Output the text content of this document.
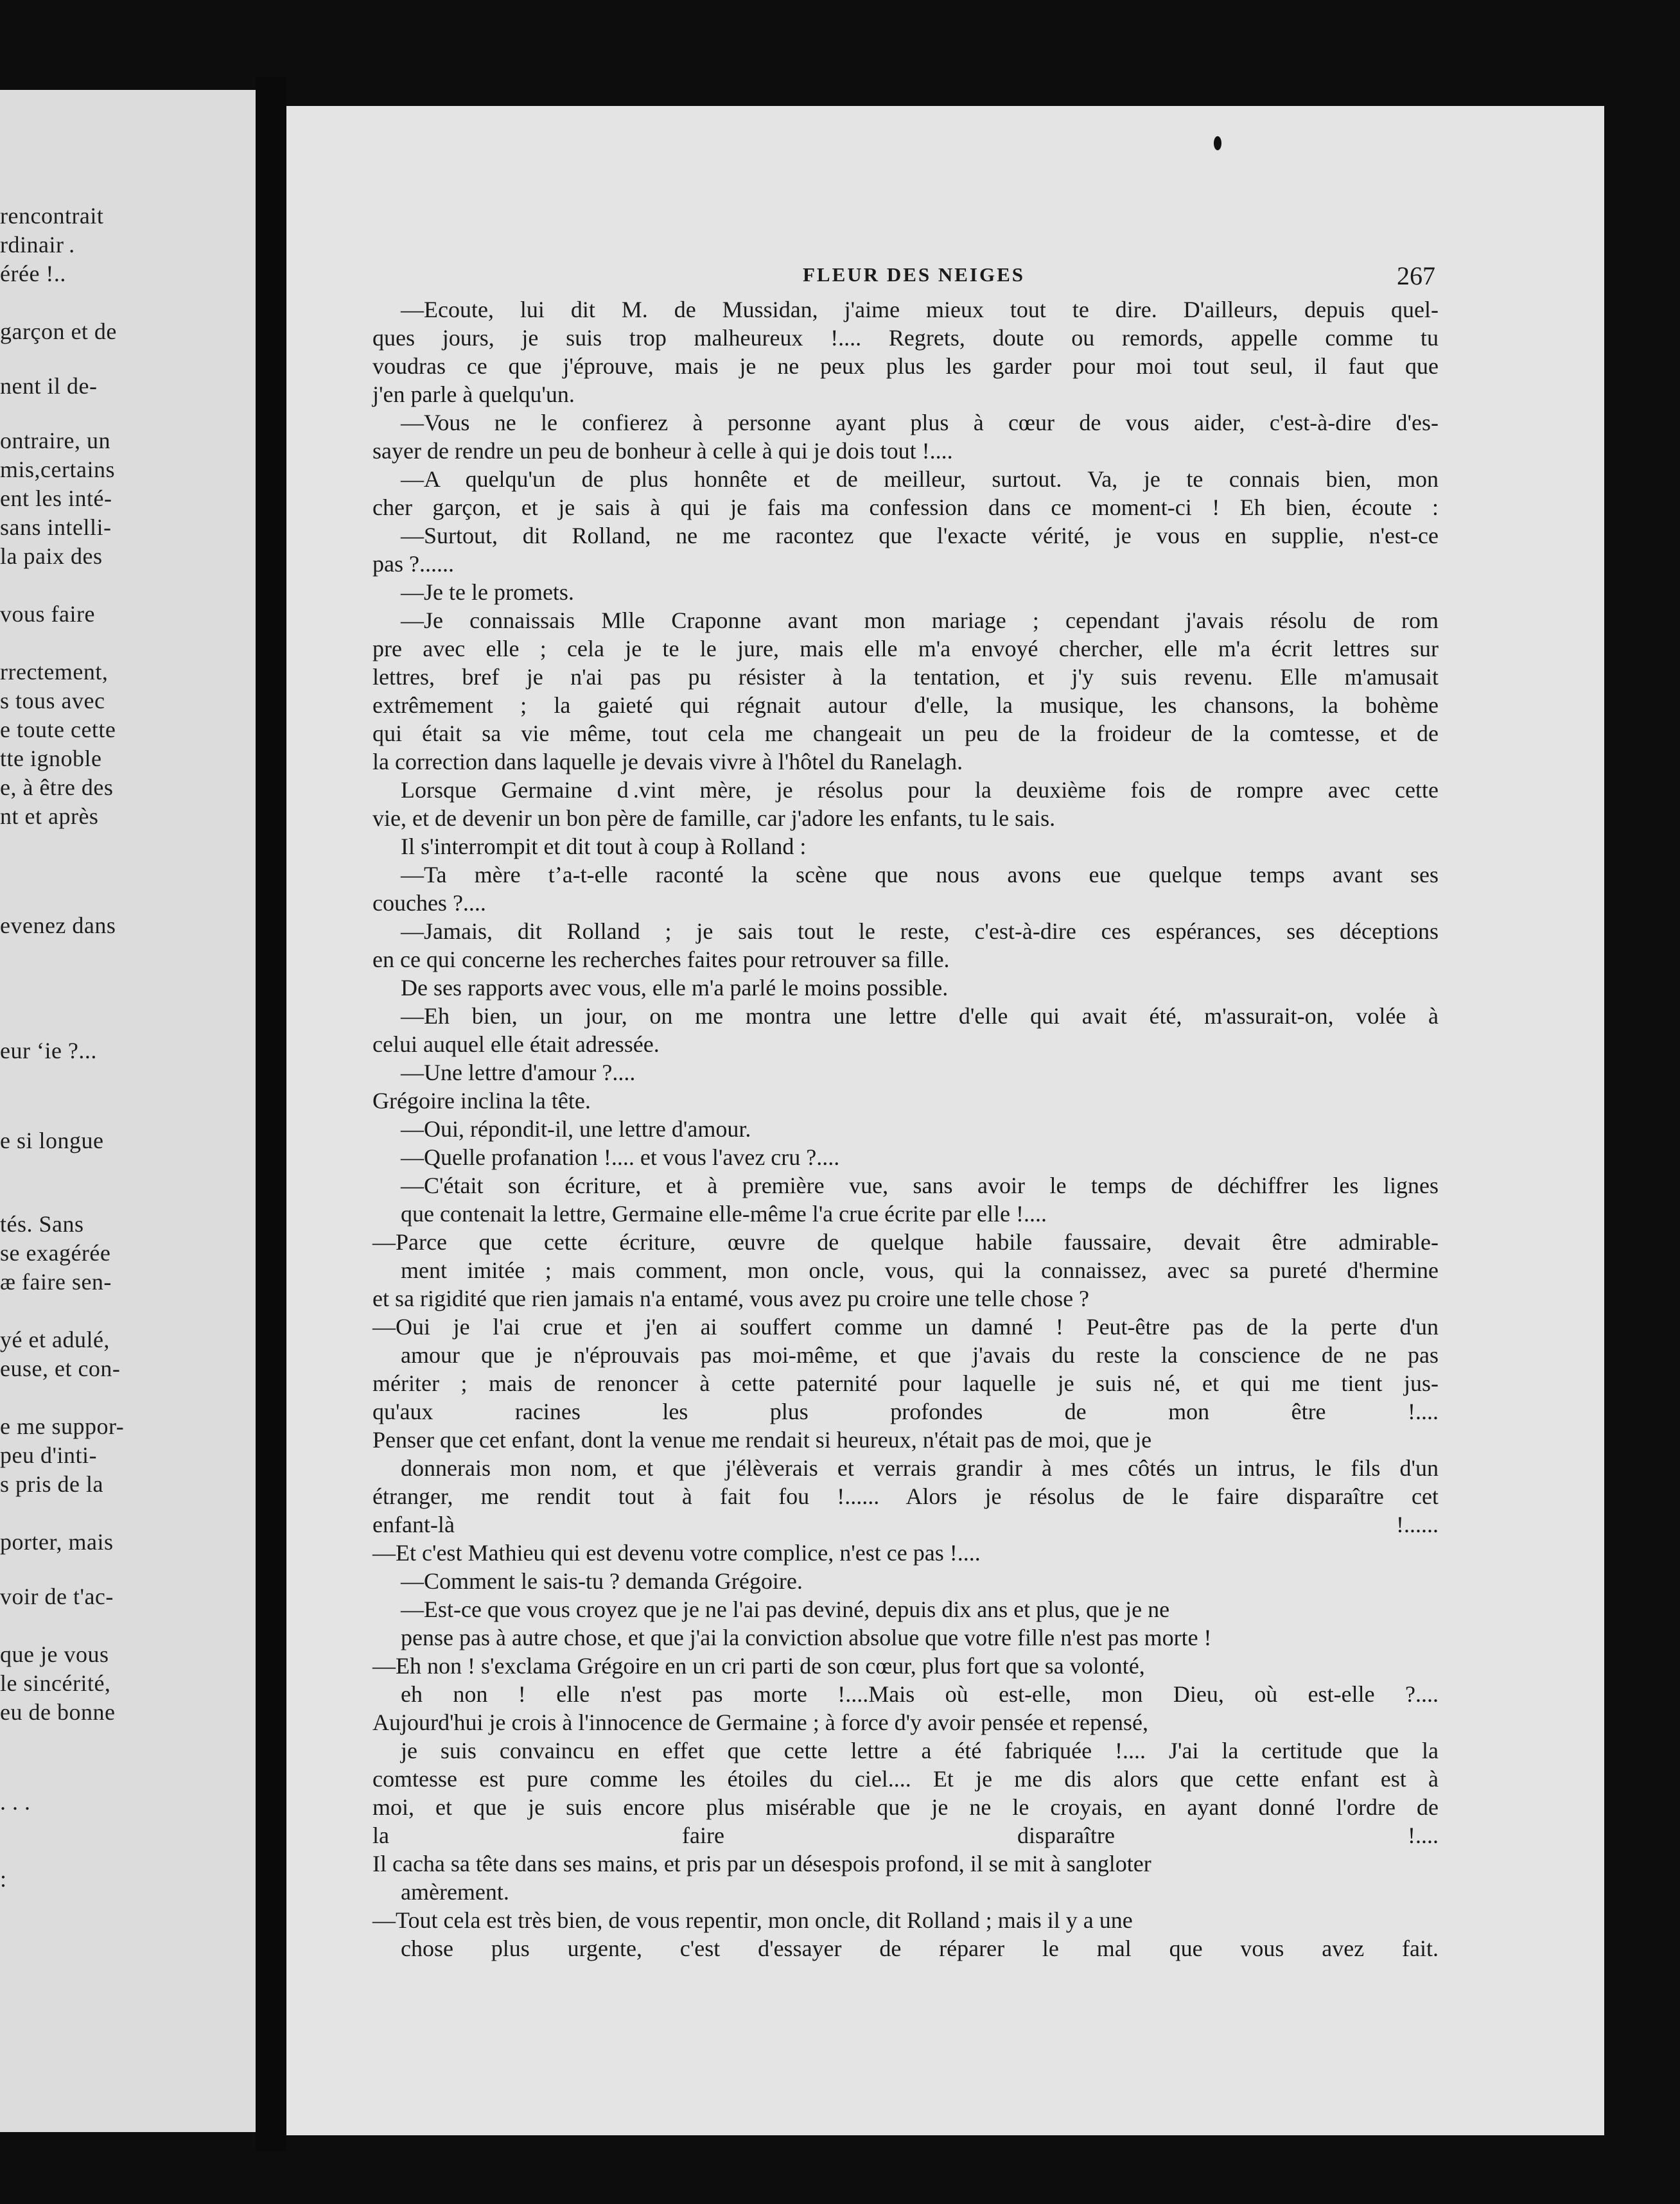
rencontrait
rdinair .
érée !..
garçon et de
nent il de-
ontraire, un
mis,certains
ent les inté-
sans intelli-
la paix des
vous faire
rrectement,
s tous avec
e toute cette
tte ignoble
e, à être des
nt et après
evenez dans
eur ‘ie ?...
e si longue
tés. Sans
se exagérée
æ faire sen-
yé et adulé,
euse, et con-
e me suppor-
peu d'inti-
s pris de la
porter, mais
voir de t'ac-
que je vous
le sincérité,
eu de bonne
. . .
:
FLEUR DES NEIGES	267
—Ecoute, lui dit M. de Mussidan, j'aime mieux tout te dire. D'ailleurs, depuis quel-
ques jours, je suis trop malheureux !.... Regrets, doute ou remords, appelle comme tu
voudras ce que j'éprouve, mais je ne peux plus les garder pour moi tout seul, il faut que
j'en parle à quelqu'un.
—Vous ne le confierez à personne ayant plus à cœur de vous aider, c'est-à-dire d'es-
sayer de rendre un peu de bonheur à celle à qui je dois tout !....
—A quelqu'un de plus honnête et de meilleur, surtout. Va, je te connais bien, mon
cher garçon, et je sais à qui je fais ma confession dans ce moment-ci ! Eh bien, écoute :
—Surtout, dit Rolland, ne me racontez que l'exacte vérité, je vous en supplie, n'est-ce
pas ?......
—Je te le promets.
—Je connaissais Mlle Craponne avant mon mariage ; cependant j'avais résolu de rom
pre avec elle ; cela je te le jure, mais elle m'a envoyé chercher, elle m'a écrit lettres sur
lettres, bref je n'ai pas pu résister à la tentation, et j'y suis revenu. Elle m'amusait
extrêmement ; la gaieté qui régnait autour d'elle, la musique, les chansons, la bohème
qui était sa vie même, tout cela me changeait un peu de la froideur de la comtesse, et de
la correction dans laquelle je devais vivre à l'hôtel du Ranelagh.
Lorsque Germaine d .vint mère, je résolus pour la deuxième fois de rompre avec cette
vie, et de devenir un bon père de famille, car j'adore les enfants, tu le sais.
Il s'interrompit et dit tout à coup à Rolland :
—Ta mère t’a-t-elle raconté la scène que nous avons eue quelque temps avant ses
couches ?....
—Jamais, dit Rolland ; je sais tout le reste, c'est-à-dire ces espérances, ses déceptions
en ce qui concerne les recherches faites pour retrouver sa fille.
De ses rapports avec vous, elle m'a parlé le moins possible.
—Eh bien, un jour, on me montra une lettre d'elle qui avait été, m'assurait-on, volée à
celui auquel elle était adressée.
—Une lettre d'amour ?....
Grégoire inclina la tête.
—Oui, répondit-il, une lettre d'amour.
—Quelle profanation !.... et vous l'avez cru ?....
—C'était son écriture, et à première vue, sans avoir le temps de déchiffrer les lignes
que contenait la lettre, Germaine elle-même l'a crue écrite par elle !....
—Parce que cette écriture, œuvre de quelque habile faussaire, devait être admirable-
ment imitée ; mais comment, mon oncle, vous, qui la connaissez, avec sa pureté d'hermine
et sa rigidité que rien jamais n'a entamé, vous avez pu croire une telle chose ?
—Oui je l'ai crue et j'en ai souffert comme un damné ! Peut-être pas de la perte d'un
amour que je n'éprouvais pas moi-même, et que j'avais du reste la conscience de ne pas
mériter ; mais de renoncer à cette paternité pour laquelle je suis né, et qui me tient jus-
qu'aux racines les plus profondes de mon être !....
Penser que cet enfant, dont la venue me rendait si heureux, n'était pas de moi, que je
donnerais mon nom, et que j'élèverais et verrais grandir à mes côtés un intrus, le fils d'un
étranger, me rendit tout à fait fou !...... Alors je résolus de le faire disparaître cet
enfant-là !......
—Et c'est Mathieu qui est devenu votre complice, n'est ce pas !....
—Comment le sais-tu ? demanda Grégoire.
—Est-ce que vous croyez que je ne l'ai pas deviné, depuis dix ans et plus, que je ne
pense pas à autre chose, et que j'ai la conviction absolue que votre fille n'est pas morte !
—Eh non ! s'exclama Grégoire en un cri parti de son cœur, plus fort que sa volonté,
eh non ! elle n'est pas morte !....Mais où est-elle, mon Dieu, où est-elle ?....
Aujourd'hui je crois à l'innocence de Germaine ; à force d'y avoir pensée et repensé,
je suis convaincu en effet que cette lettre a été fabriquée !.... J'ai la certitude que la
comtesse est pure comme les étoiles du ciel.... Et je me dis alors que cette enfant est à
moi, et que je suis encore plus misérable que je ne le croyais, en ayant donné l'ordre de
la faire disparaître !....
Il cacha sa tête dans ses mains, et pris par un désespois profond, il se mit à sangloter
amèrement.
—Tout cela est très bien, de vous repentir, mon oncle, dit Rolland ; mais il y a une
chose plus urgente, c'est d'essayer de réparer le mal que vous avez fait.
